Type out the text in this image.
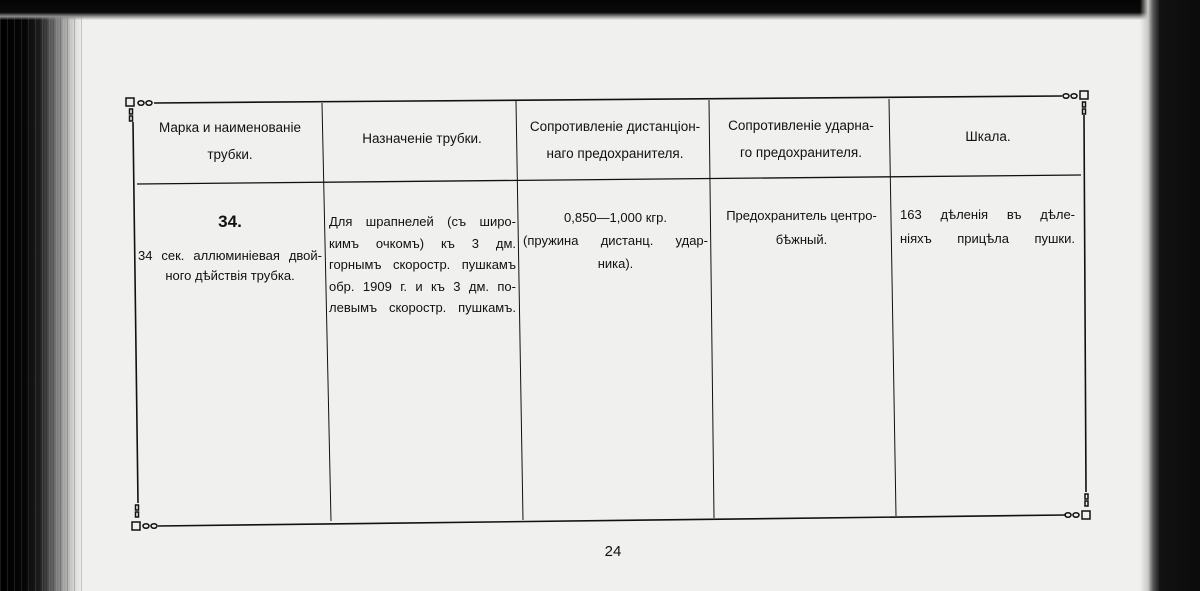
Марка и наименованiе
трубки.
Назначенiе трубки.
Сопротивленiе дистанцiон-
наго предохранителя.
Сопротивленiе ударна-
го предохранителя.
Шкала.
34.
34 сек. аллюминiевая двой-
ного дѣйствiя трубка.
Для шрапнелей (съ широ-
кимъ очкомъ) къ 3 дм.
горнымъ скоростр. пушкамъ
обр. 1909 г. и къ 3 дм. по-
левымъ скоростр. пушкамъ.
0,850—1,000 кгр.
(пружина дистанц. удар-
ника).
Предохранитель центро-
бѣжный.
163 дѣленiя въ дѣле-
нiяхъ прицѣла пушки.
24
